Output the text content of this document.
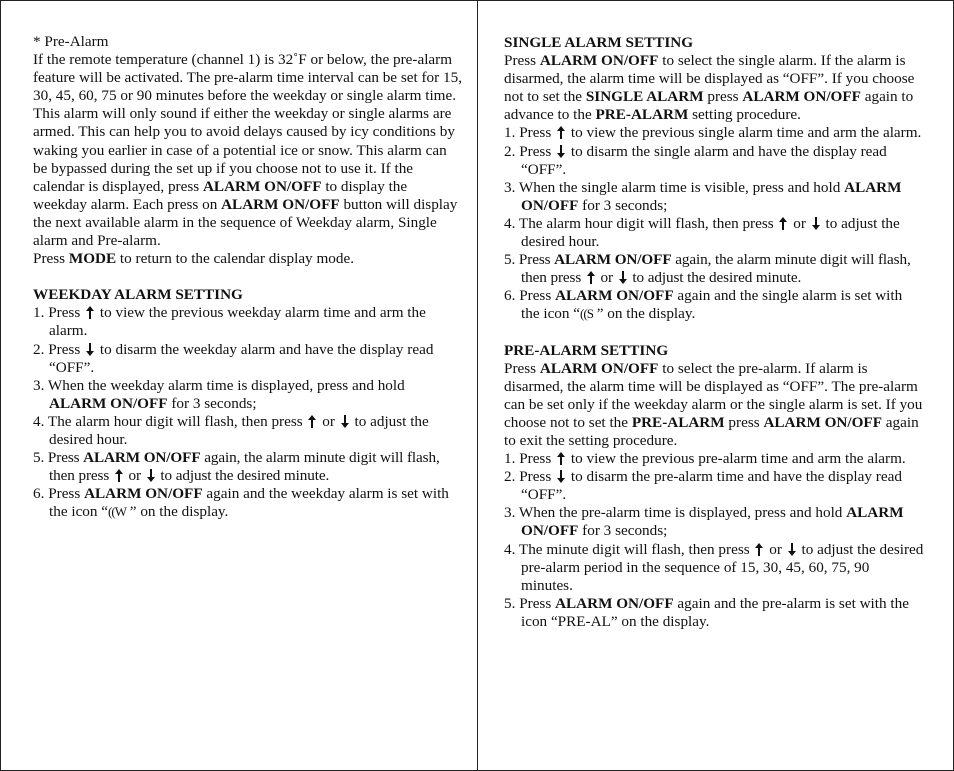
* Pre-Alarm

If the remote temperature (channel 1) is 32˚F or below, the pre-alarm feature will be activated. The pre-alarm time interval can be set for 15, 30, 45, 60, 75 or 90 minutes before the weekday or single alarm time.

This alarm will only sound if either the weekday or single alarms are armed. This can help you to avoid delays caused by icy conditions by waking you earlier in case of a potential ice or snow. This alarm can be bypassed during the set up if you choose not to use it. If the calendar is displayed, press ALARM ON/OFF to display the weekday alarm. Each press on ALARM ON/OFF button will display the next available alarm in the sequence of Weekday alarm, Single alarm and Pre-alarm.

Press MODE to return to the calendar display mode.

WEEKDAY ALARM SETTING

1. Press
to view the previous weekday alarm time and arm the alarm.
2. Press
to disarm the weekday alarm and have the display read “OFF”.
3. When the weekday alarm time is displayed, press and hold ALARM ON/OFF for 3 seconds;
4. The alarm hour digit will flash, then press
or
to adjust the desired hour.
5. Press ALARM ON/OFF again, the alarm minute digit will flash, then press
or
to adjust the desired minute.
6. Press ALARM ON/OFF again and the weekday alarm is set with the icon “((W ” on the display.

SINGLE ALARM SETTING

Press ALARM ON/OFF to select the single alarm. If the alarm is disarmed, the alarm time will be displayed as “OFF”. If you choose not to set the SINGLE ALARM press ALARM ON/OFF again to advance to the PRE-ALARM setting procedure.

1. Press
to view the previous single alarm time and arm the alarm.
2. Press
to disarm the single alarm and have the display read “OFF”.
3. When the single alarm time is visible, press and hold ALARM ON/OFF for 3 seconds;
4. The alarm hour digit will flash, then press
or
to adjust the desired hour.
5. Press ALARM ON/OFF again, the alarm minute digit will flash, then press
or
to adjust the desired minute.
6. Press ALARM ON/OFF again and the single alarm is set with the icon “((S ” on the display.

PRE-ALARM SETTING

Press ALARM ON/OFF to select the pre-alarm. If alarm is disarmed, the alarm time will be displayed as “OFF”. The pre-alarm can be set only if the weekday alarm or the single alarm is set. If you choose not to set the PRE-ALARM press ALARM ON/OFF again to exit the setting procedure.

1. Press
to view the previous pre-alarm time and arm the alarm.
2. Press
to disarm the pre-alarm time and have the display read “OFF”.
3. When the pre-alarm time is displayed, press and hold ALARM ON/OFF for 3 seconds;
4. The minute digit will flash, then press
or
to adjust the desired pre-alarm period in the sequence of 15, 30, 45, 60, 75, 90 minutes.
5. Press ALARM ON/OFF again and the pre-alarm is set with the icon “PRE-AL” on the display.
